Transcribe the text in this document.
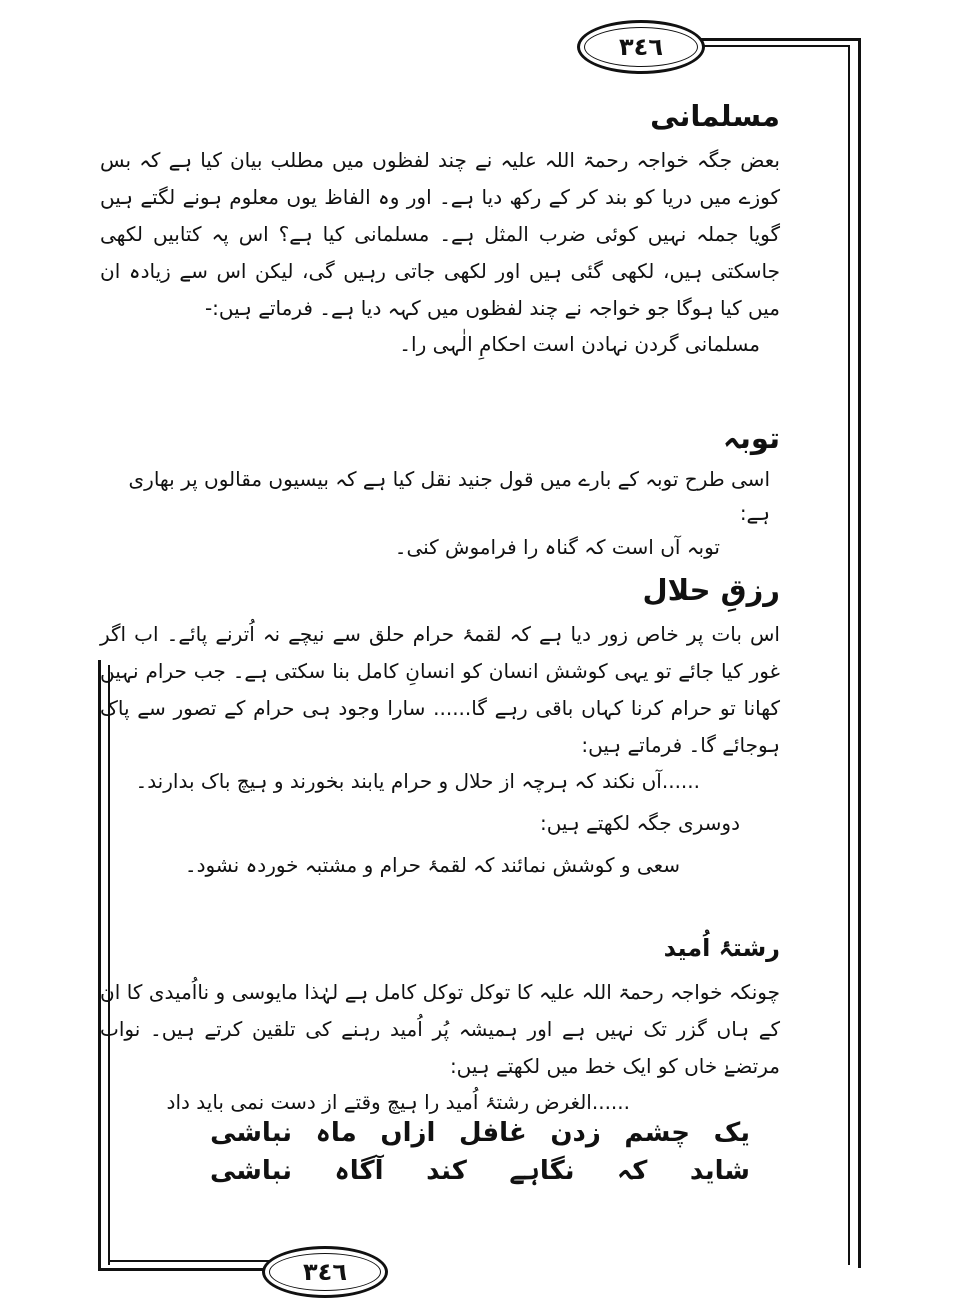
٣٤٦
مسلمانی
بعض جگہ خواجہ رحمۃ اللہ علیہ نے چند لفظوں میں مطلب بیان کیا ہے کہ بس کوزے میں دریا کو بند کر کے رکھ دیا ہے۔ اور وہ الفاظ یوں معلوم ہونے لگتے ہیں گویا جملہ نہیں کوئی ضرب المثل ہے۔ مسلمانی کیا ہے؟ اس پہ کتابیں لکھی جاسکتی ہیں، لکھی گئی ہیں اور لکھی جاتی رہیں گی، لیکن اس سے زیادہ ان میں کیا ہوگا جو خواجہ نے چند لفظوں میں کہہ دیا ہے۔ فرماتے ہیں:-
مسلمانی گردن نہادن است احکامِ الٰہی را۔
توبہ
اسی طرح توبہ کے بارے میں قول جنید نقل کیا ہے کہ بیسیوں مقالوں پر بھاری ہے:
توبہ آں است کہ گناہ را فراموش کنی۔
رزقِ حلال
اس بات پر خاص زور دیا ہے کہ لقمۂ حرام حلق سے نیچے نہ اُترنے پائے۔ اب اگر غور کیا جائے تو یہی کوشش انسان کو انسانِ کامل بنا سکتی ہے۔ جب حرام نہیں کھانا تو حرام کرنا کہاں باقی رہے گا...... سارا وجود ہی حرام کے تصور سے پاک ہوجائے گا۔ فرماتے ہیں:
......آں نکند کہ ہرچہ از حلال و حرام یابند بخورند و ہیچ باک بدارند۔
دوسری جگہ لکھتے ہیں:
سعی و کوشش نمائند کہ لقمۂ حرام و مشتبہ خوردہ نشود۔
رشتۂ اُمید
چونکہ خواجہ رحمۃ اللہ علیہ کا توکل توکل کامل ہے لہٰذا مایوسی و نااُمیدی کا ان کے ہاں گزر تک نہیں ہے اور ہمیشہ پُر اُمید رہنے کی تلقین کرتے ہیں۔ نواب مرتضےٰ خاں کو ایک خط میں لکھتے ہیں:
......الغرض رشتۂ اُمید را ہیچ وقتے از دست نمی باید داد
یک
چشم
زدن
غافل
ازاں
ماہ
نباشی
شاید
کہ
نگاہے
کند
آگاہ
نباشی
٣٤٦
